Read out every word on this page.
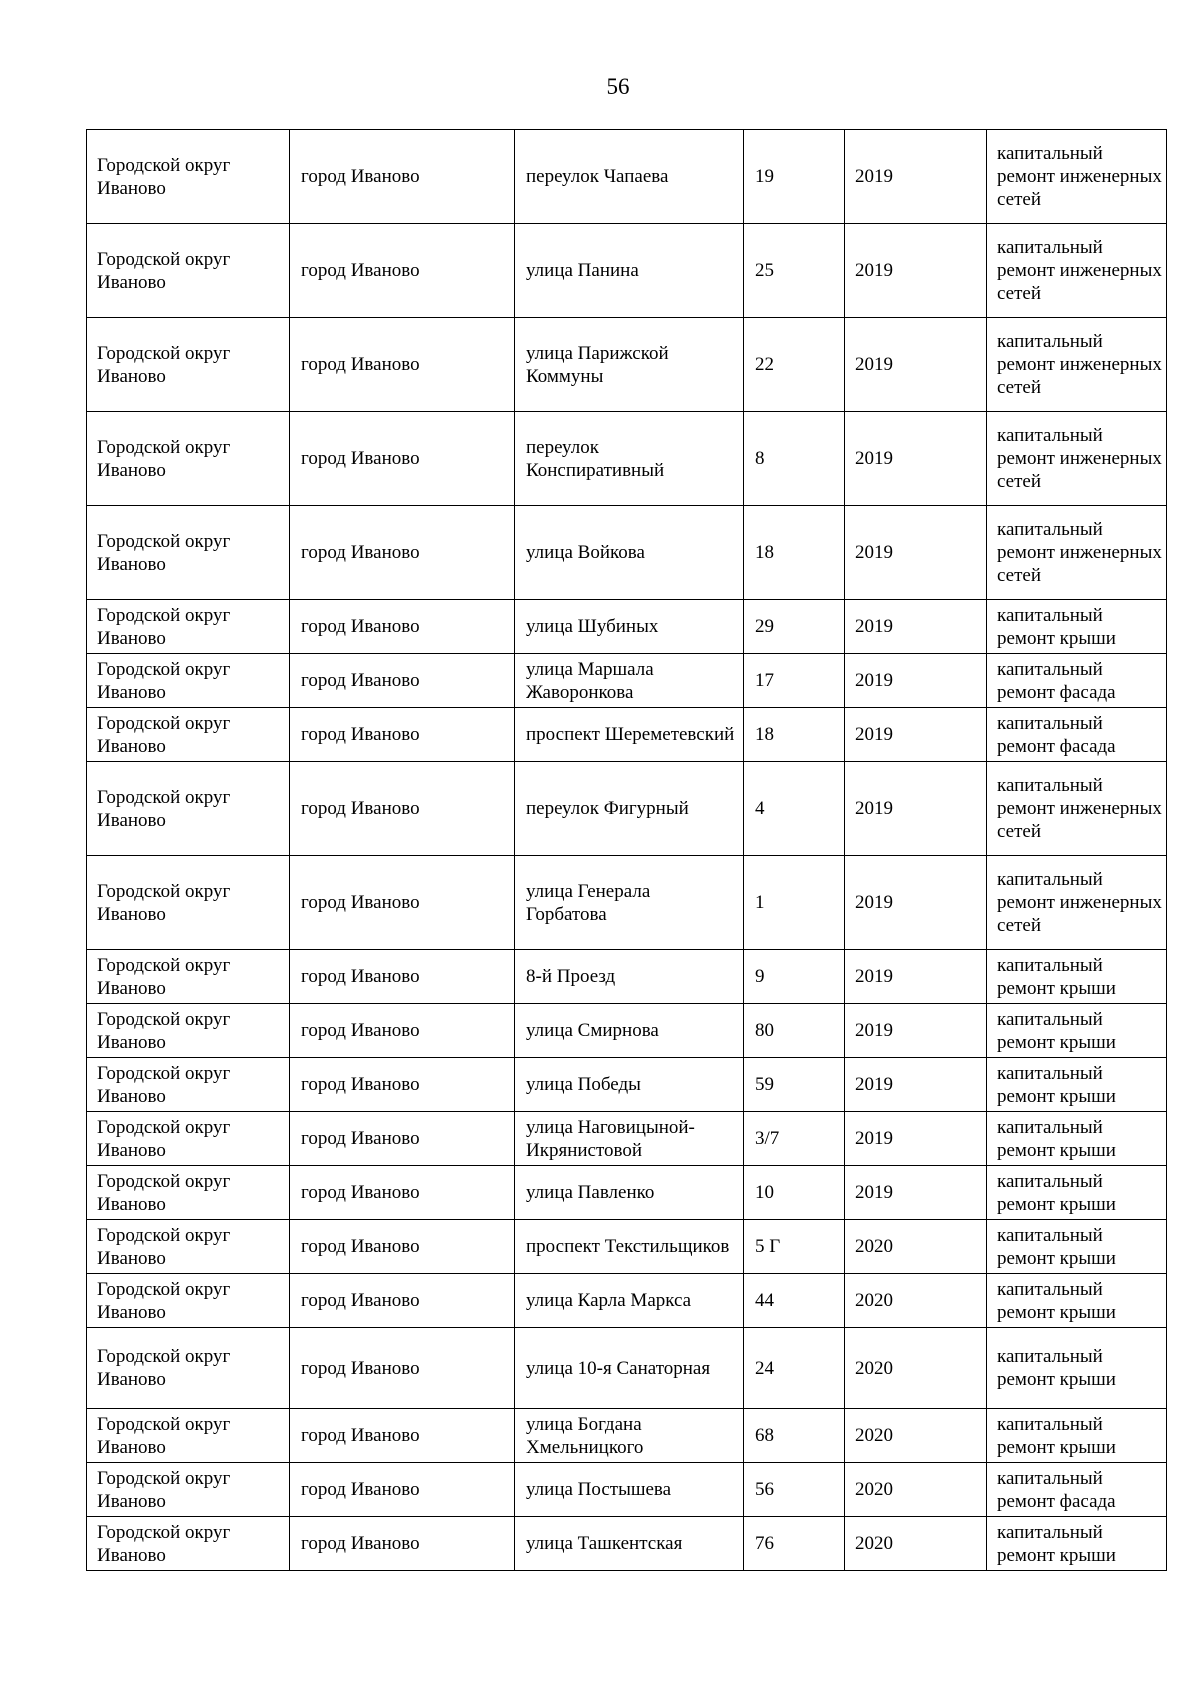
56
Городской округ Иваново	город Иваново	переулок Чапаева	19	2019	капитальный ремонт инженерных сетей
Городской округ Иваново	город Иваново	улица Панина	25	2019	капитальный ремонт инженерных сетей
Городской округ Иваново	город Иваново	улица Парижской Коммуны	22	2019	капитальный ремонт инженерных сетей
Городской округ Иваново	город Иваново	переулок Конспиративный	8	2019	капитальный ремонт инженерных сетей
Городской округ Иваново	город Иваново	улица Войкова	18	2019	капитальный ремонт инженерных сетей
Городской округ Иваново	город Иваново	улица Шубиных	29	2019	капитальный ремонт крыши
Городской округ Иваново	город Иваново	улица Маршала Жаворонкова	17	2019	капитальный ремонт фасада
Городской округ Иваново	город Иваново	проспект Шереметевский	18	2019	капитальный ремонт фасада
Городской округ Иваново	город Иваново	переулок Фигурный	4	2019	капитальный ремонт инженерных сетей
Городской округ Иваново	город Иваново	улица Генерала Горбатова	1	2019	капитальный ремонт инженерных сетей
Городской округ Иваново	город Иваново	8-й Проезд	9	2019	капитальный ремонт крыши
Городской округ Иваново	город Иваново	улица Смирнова	80	2019	капитальный ремонт крыши
Городской округ Иваново	город Иваново	улица Победы	59	2019	капитальный ремонт крыши
Городской округ Иваново	город Иваново	улица Наговицыной-Икрянистовой	3/7	2019	капитальный ремонт крыши
Городской округ Иваново	город Иваново	улица Павленко	10	2019	капитальный ремонт крыши
Городской округ Иваново	город Иваново	проспект Текстильщиков	5 Г	2020	капитальный ремонт крыши
Городской округ Иваново	город Иваново	улица Карла Маркса	44	2020	капитальный ремонт крыши
Городской округ Иваново	город Иваново	улица 10-я Санаторная	24	2020	капитальный ремонт крыши
Городской округ Иваново	город Иваново	улица Богдана Хмельницкого	68	2020	капитальный ремонт крыши
Городской округ Иваново	город Иваново	улица Постышева	56	2020	капитальный ремонт фасада
Городской округ Иваново	город Иваново	улица Ташкентская	76	2020	капитальный ремонт крыши
